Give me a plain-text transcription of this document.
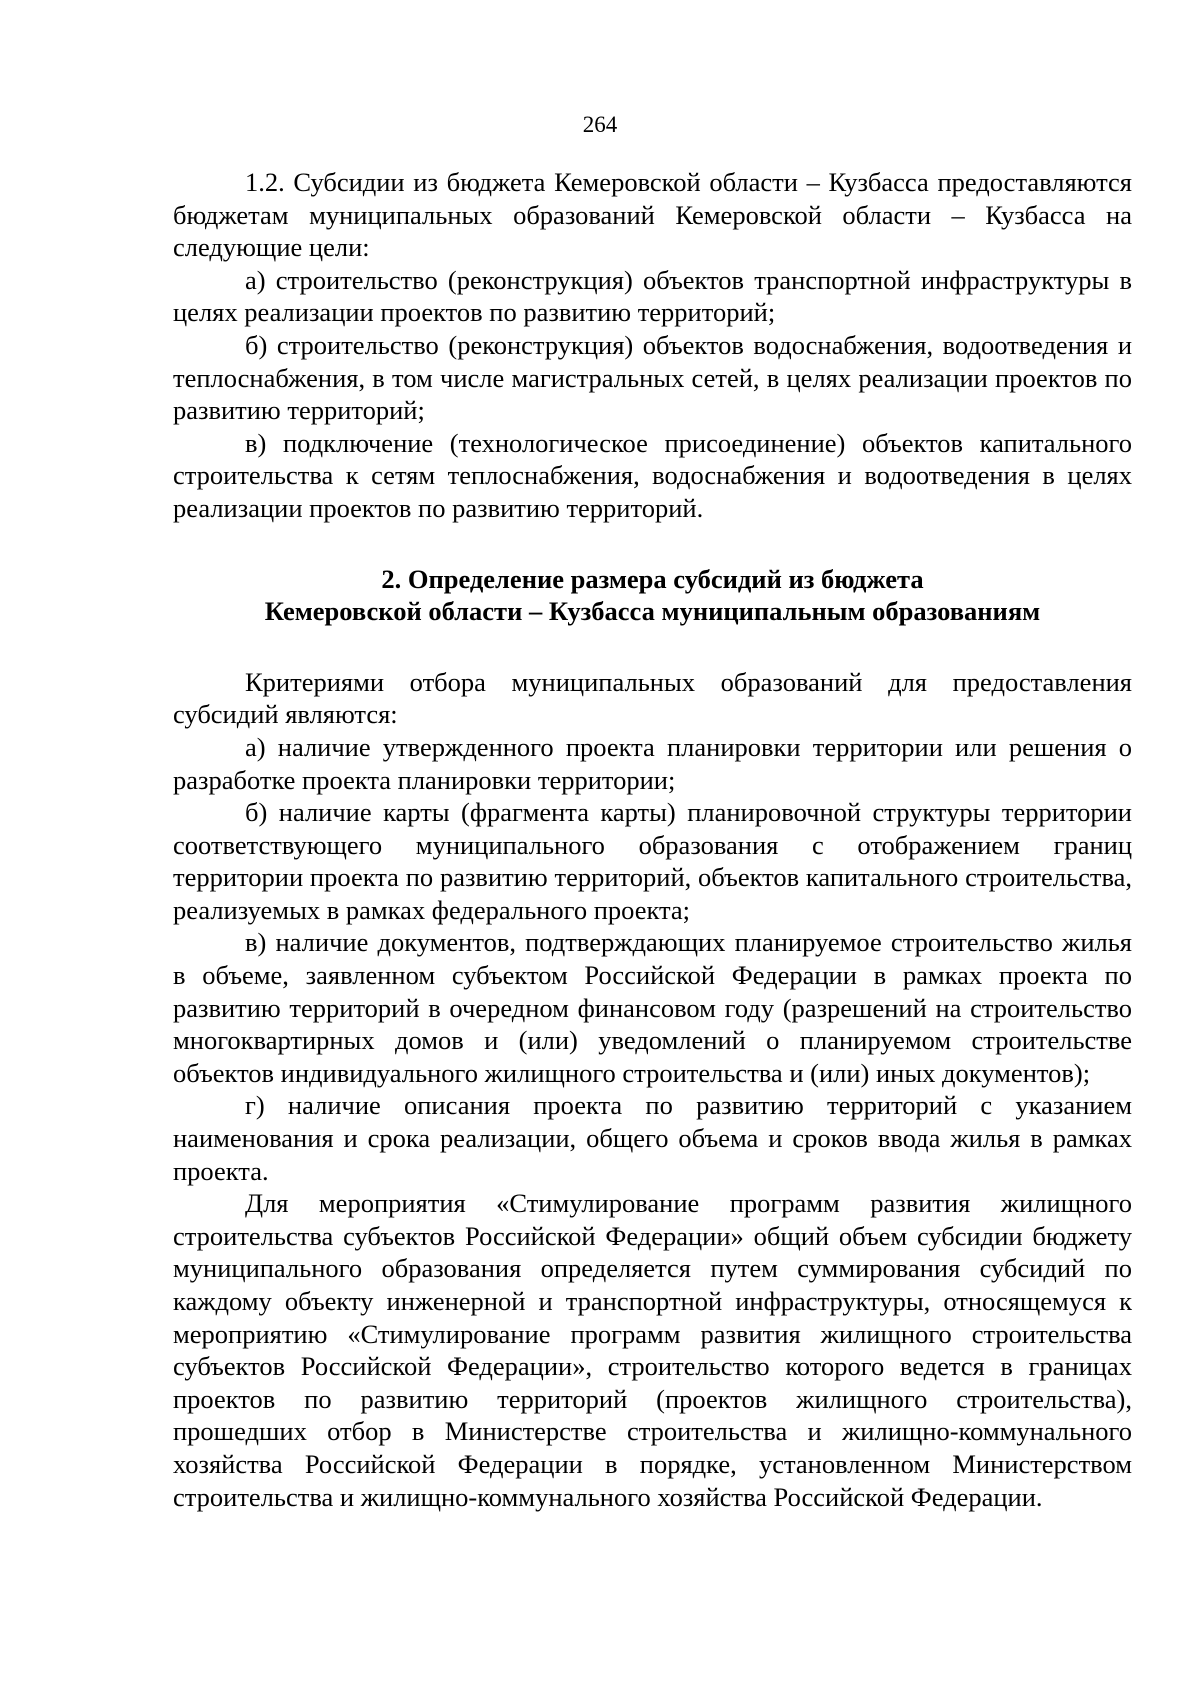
264

1.2. Субсидии из бюджета Кемеровской области – Кузбасса предоставляются бюджетам муниципальных образований Кемеровской области – Кузбасса на следующие цели:

а) строительство (реконструкция) объектов транспортной инфраструктуры в целях реализации проектов по развитию территорий;

б) строительство (реконструкция) объектов водоснабжения, водоотведения и теплоснабжения, в том числе магистральных сетей, в целях реализации проектов по развитию территорий;

в) подключение (технологическое присоединение) объектов капитального строительства к сетям теплоснабжения, водоснабжения и водоотведения в целях реализации проектов по развитию территорий.

2. Определение размера субсидий из бюджета
Кемеровской области – Кузбасса муниципальным образованиям

Критериями отбора муниципальных образований для предоставления субсидий являются:

а) наличие утвержденного проекта планировки территории или решения о разработке проекта планировки территории;

б) наличие карты (фрагмента карты) планировочной структуры территории соответствующего муниципального образования с отображением границ территории проекта по развитию территорий, объектов капитального строительства, реализуемых в рамках федерального проекта;

в) наличие документов, подтверждающих планируемое строительство жилья в объеме, заявленном субъектом Российской Федерации в рамках проекта по развитию территорий в очередном финансовом году (разрешений на строительство многоквартирных домов и (или) уведомлений о планируемом строительстве объектов индивидуального жилищного строительства и (или) иных документов);

г) наличие описания проекта по развитию территорий с указанием наименования и срока реализации, общего объема и сроков ввода жилья в рамках проекта.

Для мероприятия «Стимулирование программ развития жилищного строительства субъектов Российской Федерации» общий объем субсидии бюджету муниципального образования определяется путем суммирования субсидий по каждому объекту инженерной и транспортной инфраструктуры, относящемуся к мероприятию «Стимулирование программ развития жилищного строительства субъектов Российской Федерации», строительство которого ведется в границах проектов по развитию территорий (проектов жилищного строительства), прошедших отбор в Министерстве строительства и жилищно-коммунального хозяйства Российской Федерации в порядке, установленном Министерством строительства и жилищно-коммунального хозяйства Российской Федерации.
